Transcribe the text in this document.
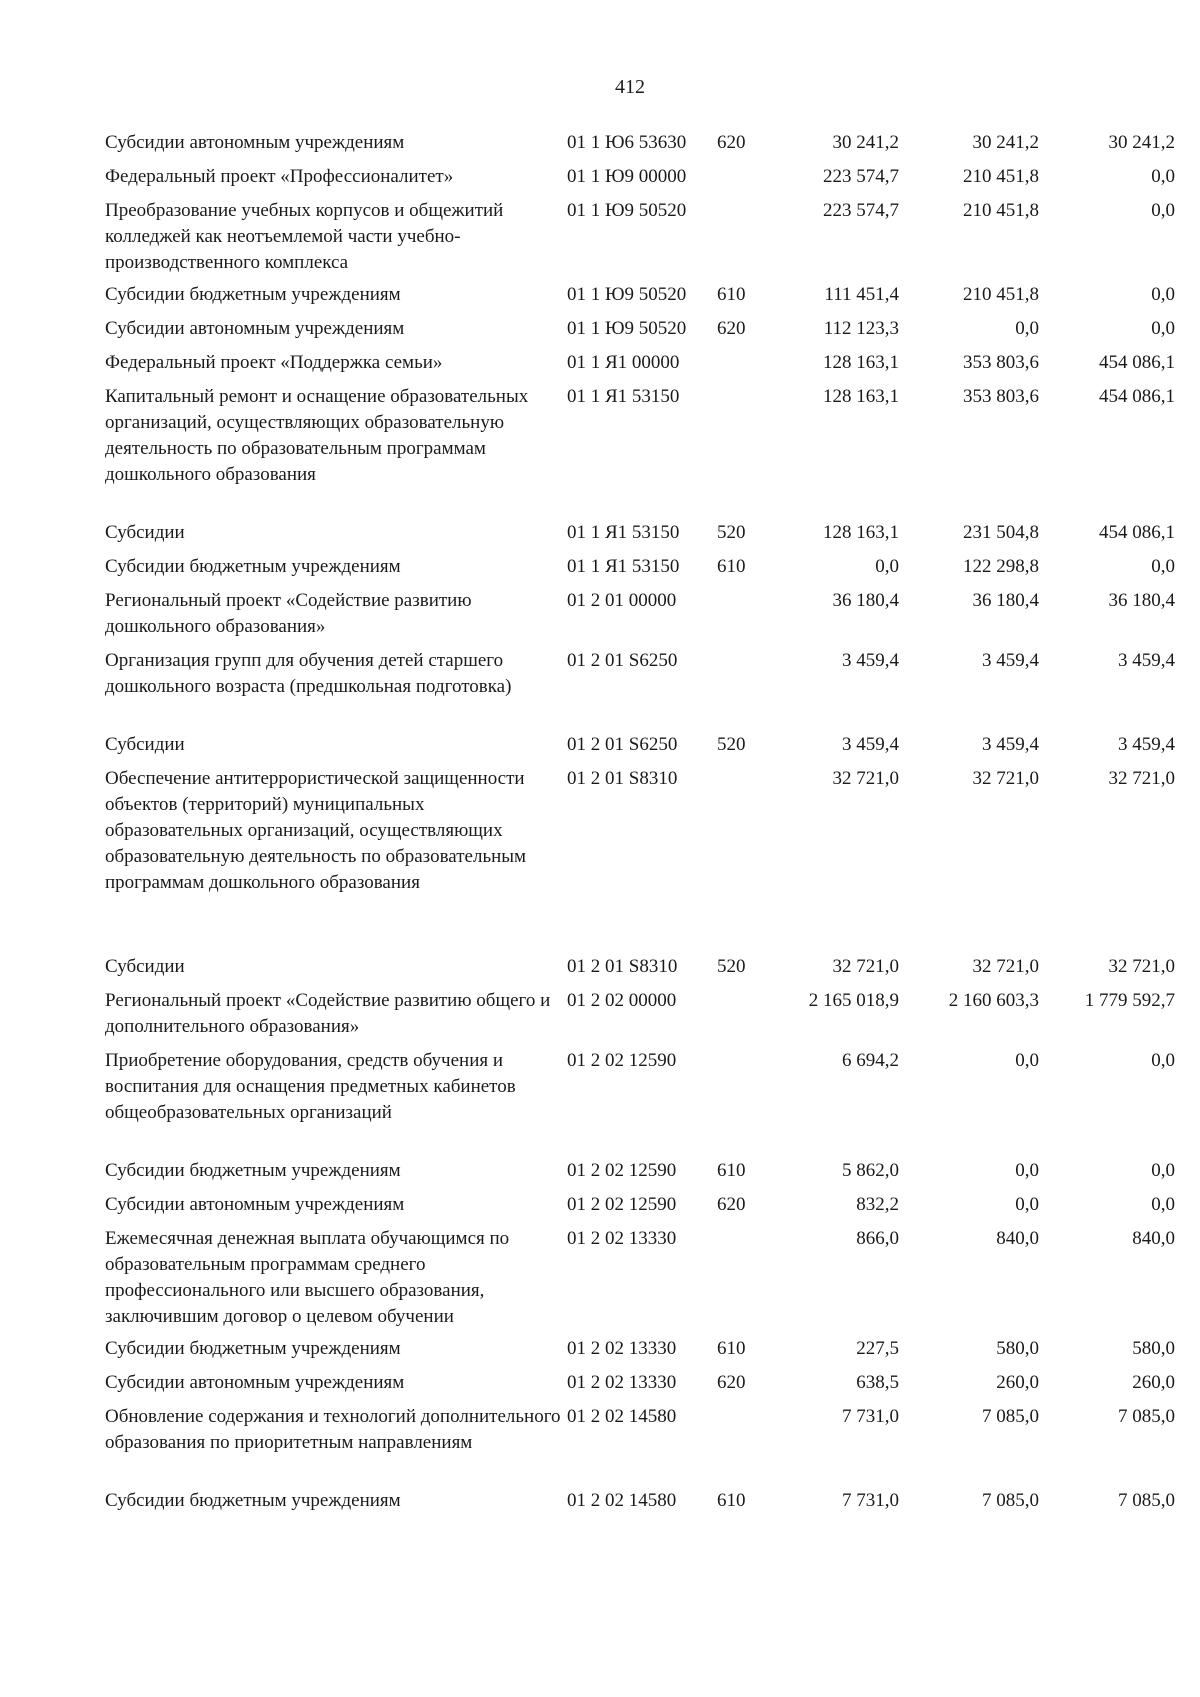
412
Субсидии автономным учреждениям	01 1 Ю6 53630	620	30 241,2	30 241,2	30 241,2
Федеральный проект «Профессионалитет»	01 1 Ю9 00000		223 574,7	210 451,8	0,0
Преобразование учебных корпусов и общежитий колледжей как неотъемлемой части учебно-производственного комплекса	01 1 Ю9 50520		223 574,7	210 451,8	0,0
Субсидии бюджетным учреждениям	01 1 Ю9 50520	610	111 451,4	210 451,8	0,0
Субсидии автономным учреждениям	01 1 Ю9 50520	620	112 123,3	0,0	0,0
Федеральный проект «Поддержка семьи»	01 1 Я1 00000		128 163,1	353 803,6	454 086,1
Капитальный ремонт и оснащение образовательных организаций, осуществляющих образовательную деятельность по образовательным программам дошкольного образования	01 1 Я1 53150		128 163,1	353 803,6	454 086,1
Субсидии	01 1 Я1 53150	520	128 163,1	231 504,8	454 086,1
Субсидии бюджетным учреждениям	01 1 Я1 53150	610	0,0	122 298,8	0,0
Региональный проект «Содействие развитию дошкольного образования»	01 2 01 00000		36 180,4	36 180,4	36 180,4
Организация групп для обучения детей старшего дошкольного возраста (предшкольная подготовка)	01 2 01 S6250		3 459,4	3 459,4	3 459,4
Субсидии	01 2 01 S6250	520	3 459,4	3 459,4	3 459,4
Обеспечение антитеррористической защищенности объектов (территорий) муниципальных образовательных организаций, осуществляющих образовательную деятельность по образовательным программам дошкольного образования	01 2 01 S8310		32 721,0	32 721,0	32 721,0
Субсидии	01 2 01 S8310	520	32 721,0	32 721,0	32 721,0
Региональный проект «Содействие развитию общего и дополнительного образования»	01 2 02 00000		2 165 018,9	2 160 603,3	1 779 592,7
Приобретение оборудования, средств обучения и воспитания для оснащения предметных кабинетов общеобразовательных организаций	01 2 02 12590		6 694,2	0,0	0,0
Субсидии бюджетным учреждениям	01 2 02 12590	610	5 862,0	0,0	0,0
Субсидии автономным учреждениям	01 2 02 12590	620	832,2	0,0	0,0
Ежемесячная денежная выплата обучающимся по образовательным программам среднего профессионального или высшего образования, заключившим договор о целевом обучении	01 2 02 13330		866,0	840,0	840,0
Субсидии бюджетным учреждениям	01 2 02 13330	610	227,5	580,0	580,0
Субсидии автономным учреждениям	01 2 02 13330	620	638,5	260,0	260,0
Обновление содержания и технологий дополнительного образования по приоритетным направлениям	01 2 02 14580		7 731,0	7 085,0	7 085,0
Субсидии бюджетным учреждениям	01 2 02 14580	610	7 731,0	7 085,0	7 085,0
